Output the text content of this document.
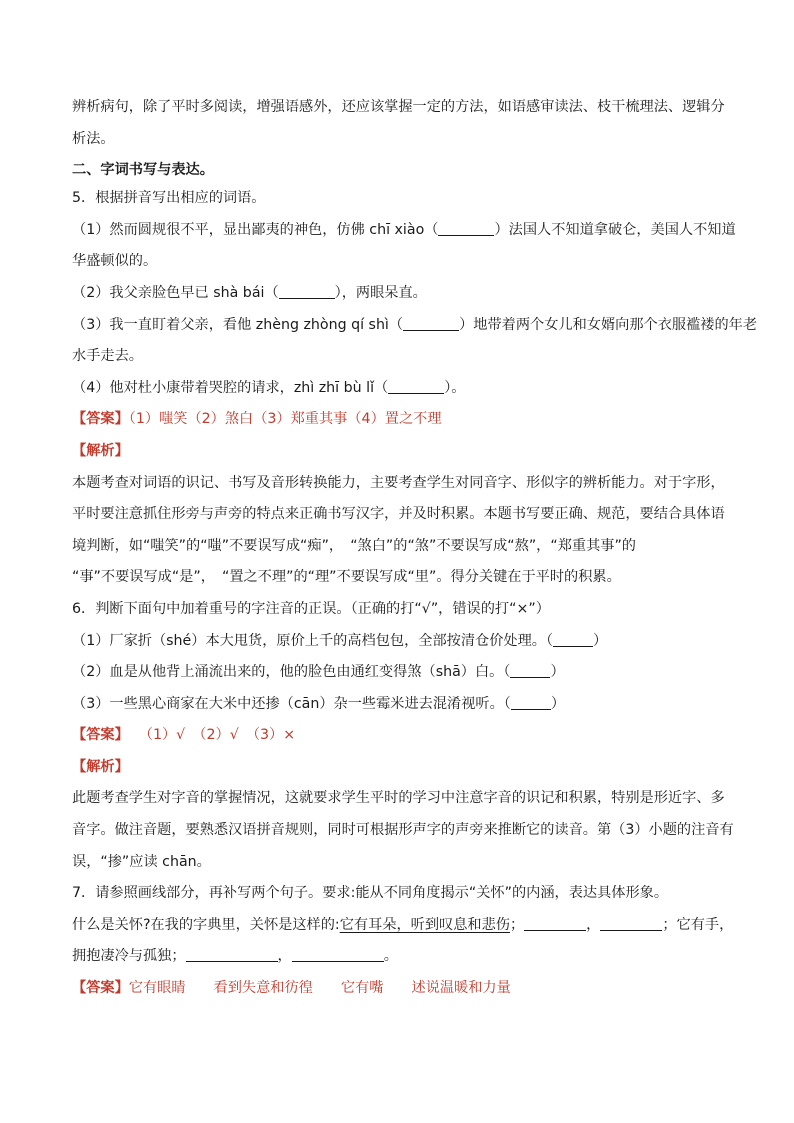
辨析病句，除了平时多阅读，增强语感外，还应该掌握一定的方法，如语感审读法、枝干梳理法、逻辑分

析法。

二、字词书写与表达。

5．根据拼音写出相应的词语。

（1）然而圆规很不平，显出鄙夷的神色，仿佛 chī xiào（	）法国人不知道拿破仑，美国人不知道

华盛顿似的。

（2）我父亲脸色早已 shà bái（	），两眼呆直。

（3）我一直盯着父亲，看他 zhèng zhòng qí shì（	）地带着两个女儿和女婿向那个衣服褴褛的年老

水手走去。

（4）他对杜小康带着哭腔的请求，zhì zhī bù lǐ（	）。

【答案】（1）嗤笑（2）煞白（3）郑重其事（4）置之不理

【解析】

本题考查对词语的识记、书写及音形转换能力，主要考查学生对同音字、形似字的辨析能力。对于字形，

平时要注意抓住形旁与声旁的特点来正确书写汉字，并及时积累。本题书写要正确、规范，要结合具体语

境判断，如“嗤笑”的“嗤”不要误写成“痴”，　“煞白”的“煞”不要误写成“熬”，“郑重其事”的

“事”不要误写成“是”，　“置之不理”的“理”不要误写成“里”。得分关键在于平时的积累。

6．判断下面句中加着重号的字注音的正误。（正确的打“√”，错误的打“×”）

（1）厂家折（shé）本大甩货，原价上千的高档包包，全部按清仓价处理。（	）

（2）血是从他背上涌流出来的，他的脸色由通红变得煞（shā）白。（	）

（3）一些黑心商家在大米中还掺（cān）杂一些霉米进去混淆视听。（	）

【答案】 （1）√　（2）√　（3）×

【解析】

此题考查学生对字音的掌握情况，这就要求学生平时的学习中注意字音的识记和积累，特别是形近字、多

音字。做注音题，要熟悉汉语拼音规则，同时可根据形声字的声旁来推断它的读音。第（3）小题的注音有

误，“掺”应读 chān。

7．请参照画线部分，再补写两个句子。要求:能从不同角度揭示“关怀”的内涵，表达具体形象。

什么是关怀?在我的字典里，关怀是这样的:它有耳朵，听到叹息和悲伤；	，	；它有手，

拥抱凄冷与孤独；	，	。

【答案】它有眼睛 看到失意和彷徨 它有嘴 述说温暖和力量
